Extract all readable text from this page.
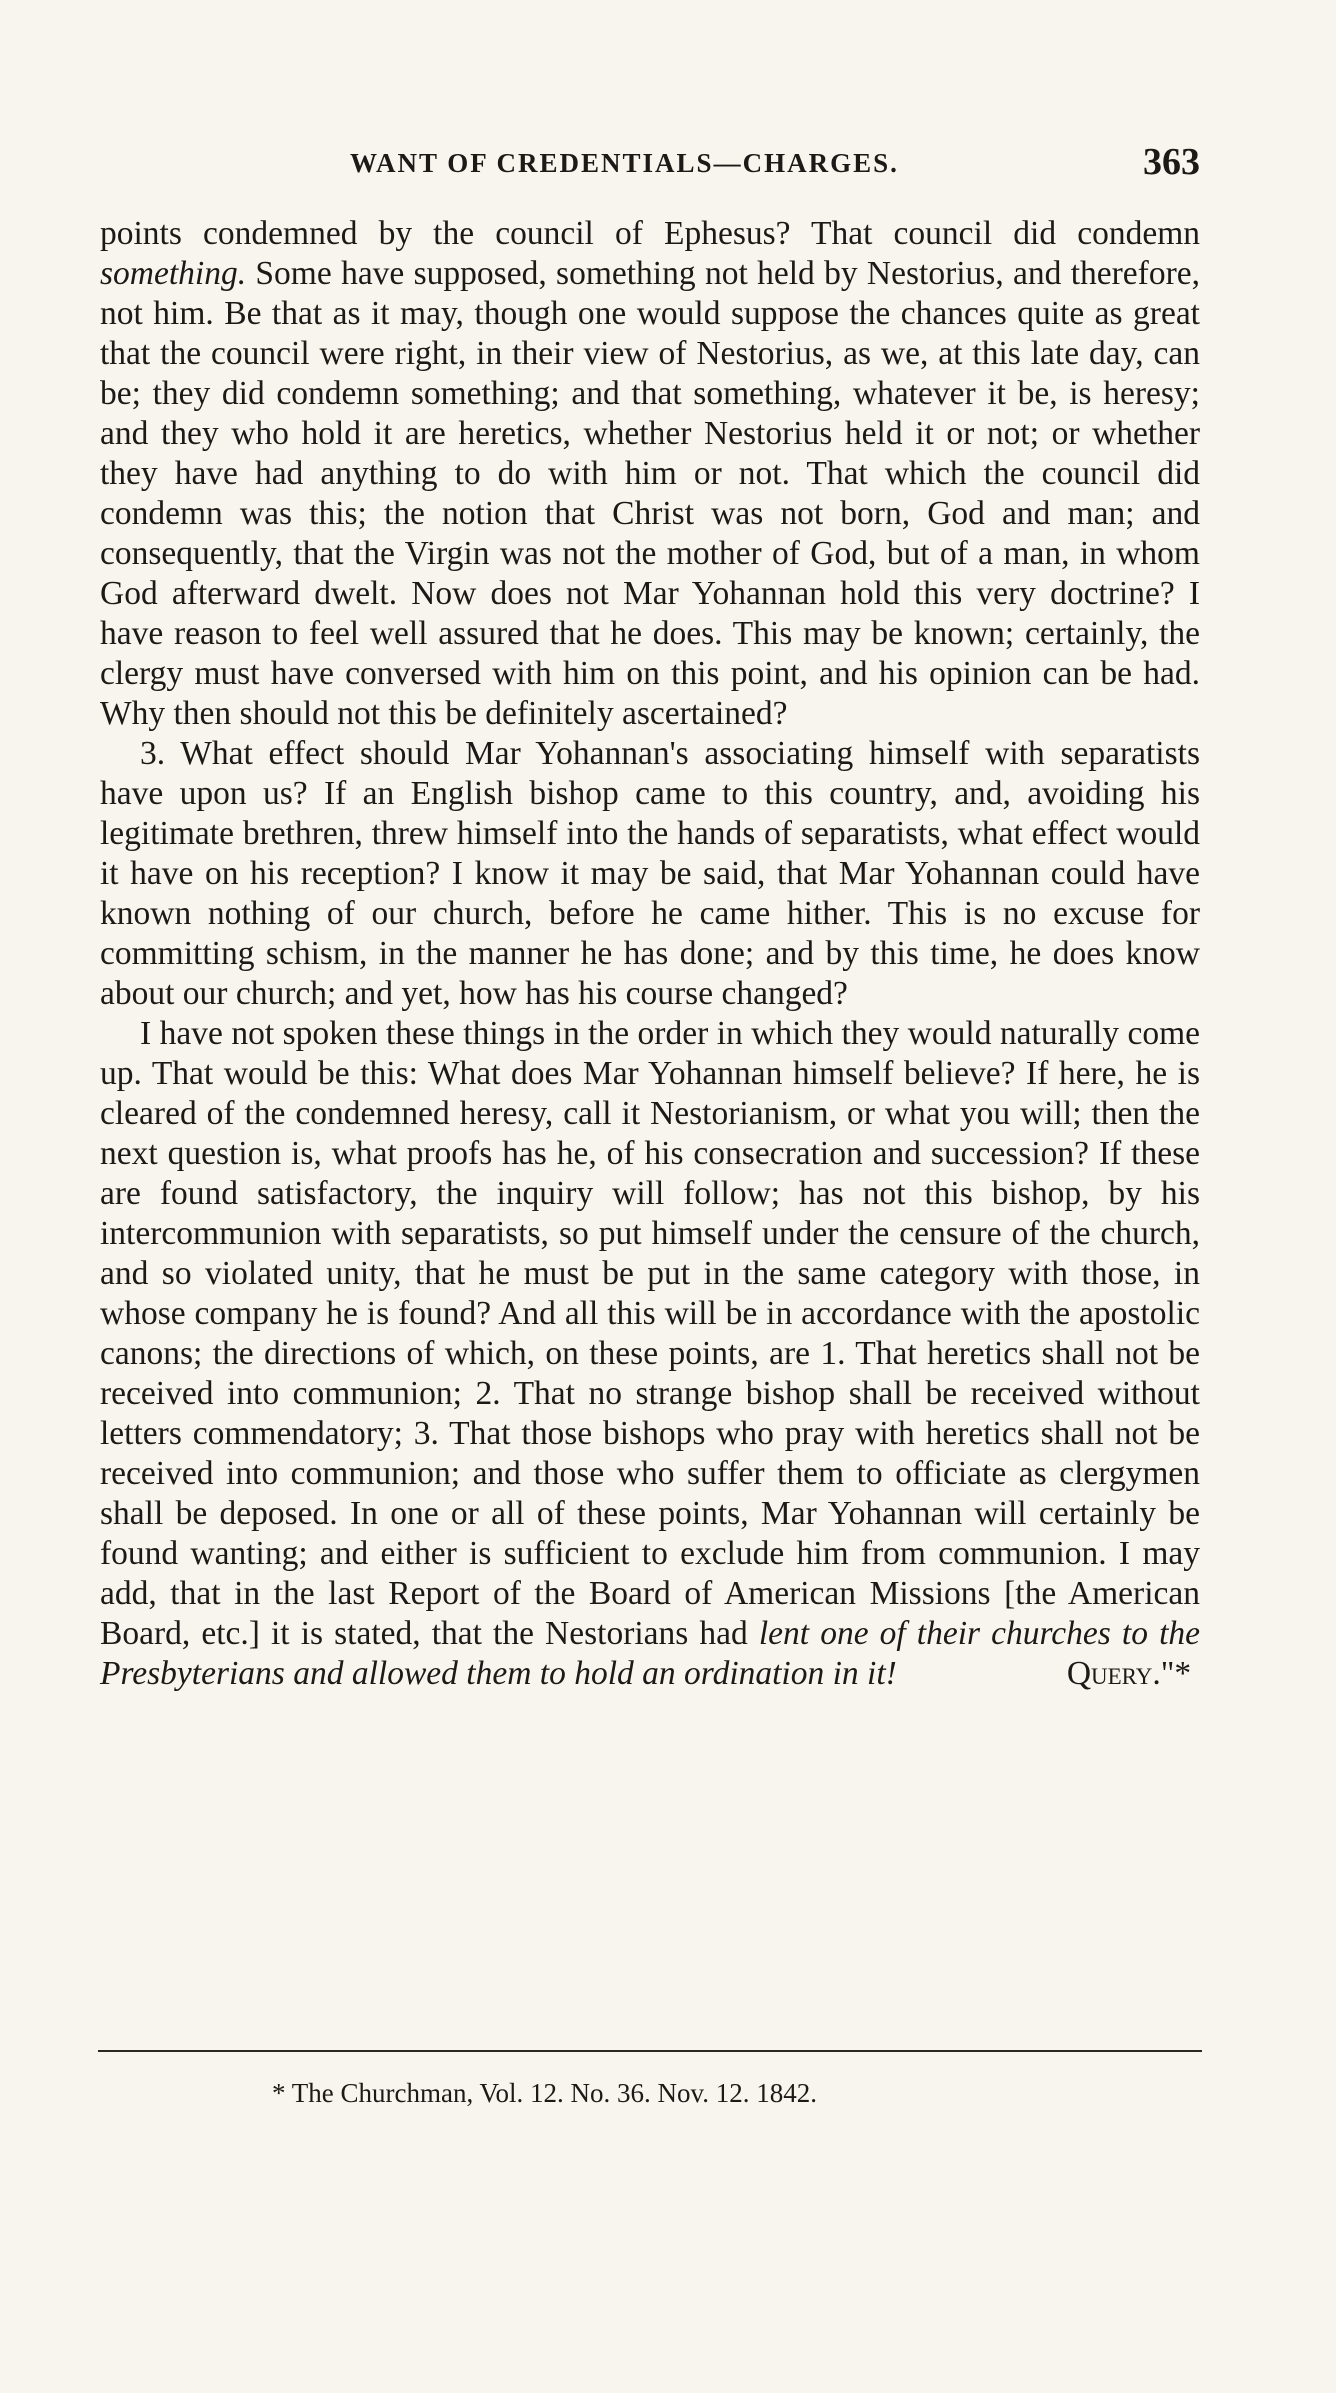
WANT OF CREDENTIALS—CHARGES.	363

points condemned by the council of Ephesus? That council did condemn something. Some have supposed, something not held by Nestorius, and therefore, not him. Be that as it may, though one would suppose the chances quite as great that the council were right, in their view of Nestorius, as we, at this late day, can be; they did condemn something; and that something, whatever it be, is heresy; and they who hold it are heretics, whether Nestorius held it or not; or whether they have had anything to do with him or not. That which the council did condemn was this; the notion that Christ was not born, God and man; and consequently, that the Virgin was not the mother of God, but of a man, in whom God afterward dwelt. Now does not Mar Yohannan hold this very doctrine? I have reason to feel well assured that he does. This may be known; certainly, the clergy must have conversed with him on this point, and his opinion can be had. Why then should not this be definitely ascertained?

3. What effect should Mar Yohannan's associating himself with separatists have upon us? If an English bishop came to this country, and, avoiding his legitimate brethren, threw himself into the hands of separatists, what effect would it have on his reception? I know it may be said, that Mar Yohannan could have known nothing of our church, before he came hither. This is no excuse for committing schism, in the manner he has done; and by this time, he does know about our church; and yet, how has his course changed?

I have not spoken these things in the order in which they would naturally come up. That would be this: What does Mar Yohannan himself believe? If here, he is cleared of the condemned heresy, call it Nestorianism, or what you will; then the next question is, what proofs has he, of his consecration and succession? If these are found satisfactory, the inquiry will follow; has not this bishop, by his intercommunion with separatists, so put himself under the censure of the church, and so violated unity, that he must be put in the same category with those, in whose company he is found? And all this will be in accordance with the apostolic canons; the directions of which, on these points, are 1. That heretics shall not be received into communion; 2. That no strange bishop shall be received without letters commendatory; 3. That those bishops who pray with heretics shall not be received into communion; and those who suffer them to officiate as clergymen shall be deposed. In one or all of these points, Mar Yohannan will certainly be found wanting; and either is sufficient to exclude him from communion. I may add, that in the last Report of the Board of American Missions [the American Board, etc.] it is stated, that the Nestorians had lent one of their churches to the Presbyterians and allowed them to hold an ordination in it!	Query."*

* The Churchman, Vol. 12. No. 36. Nov. 12. 1842.
